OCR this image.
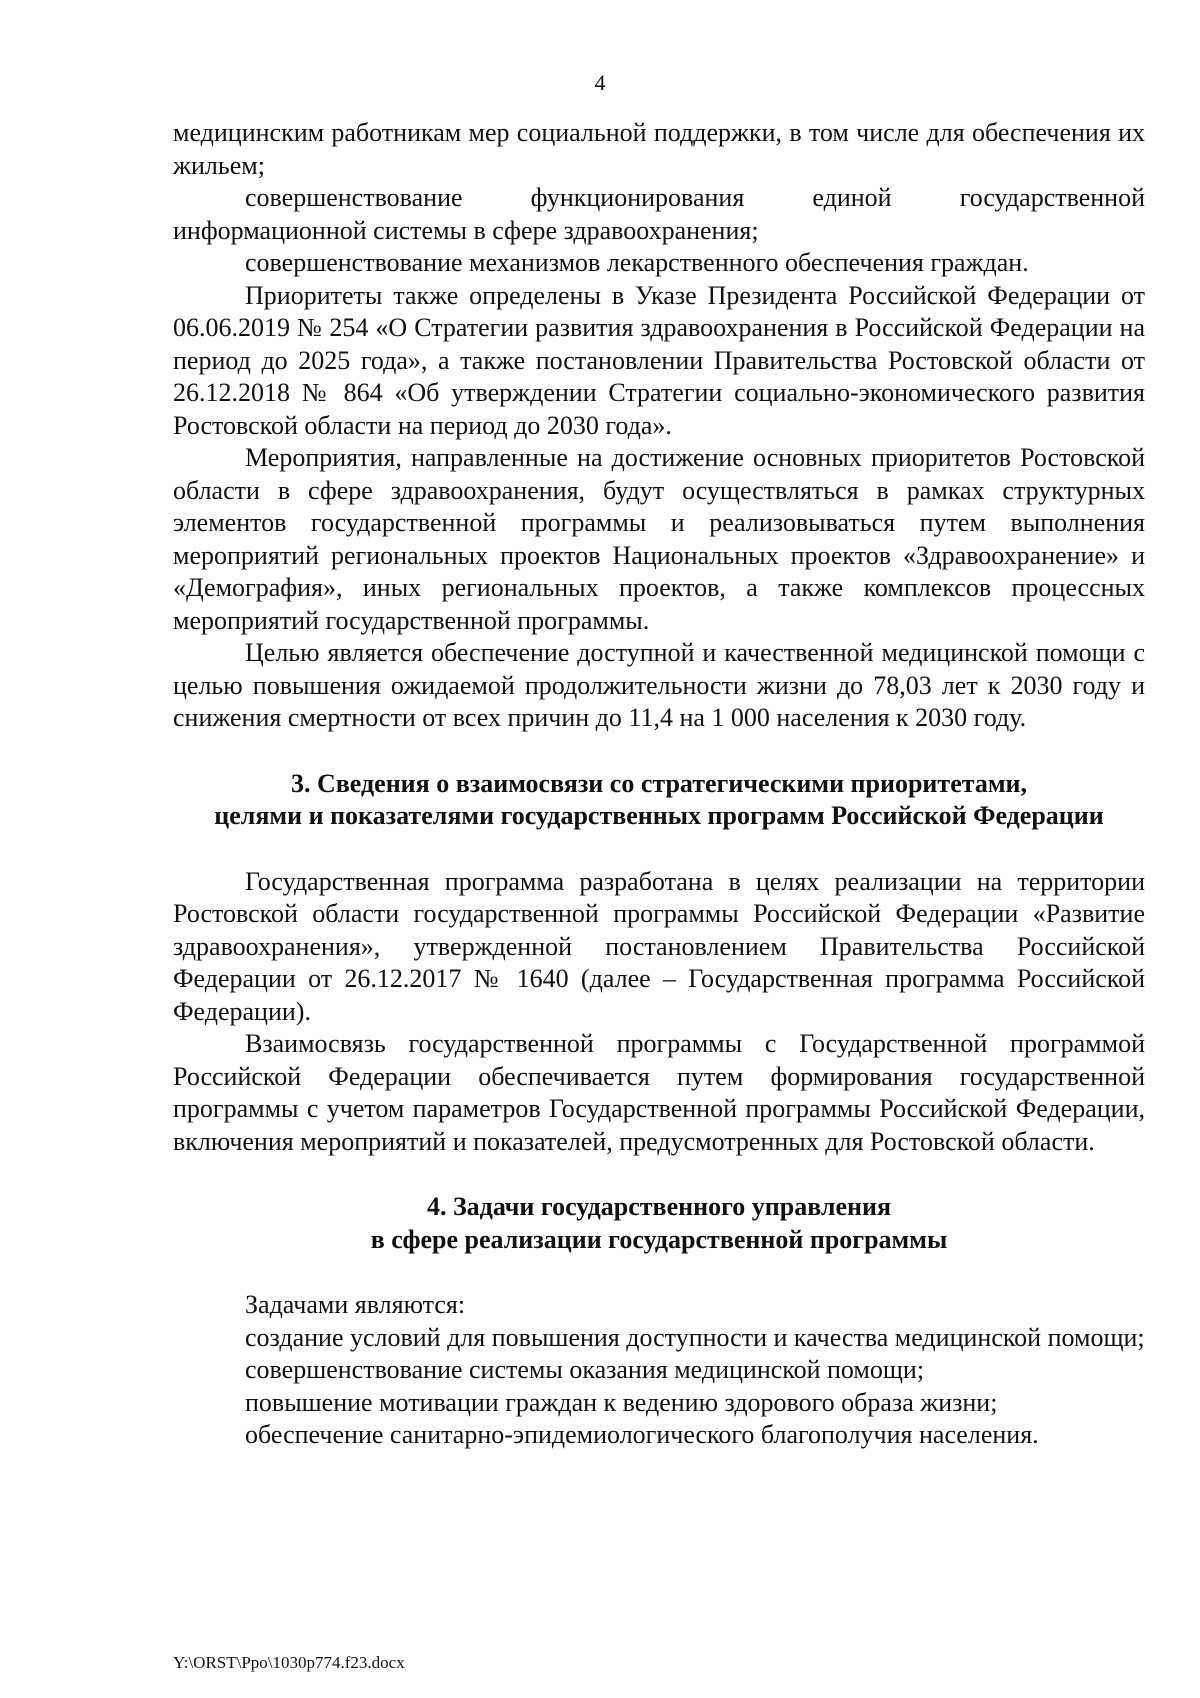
4

медицинским работникам мер социальной поддержки, в том числе для обеспечения их жильем;

совершенствование функционирования единой государственной информационной системы в сфере здравоохранения;

совершенствование механизмов лекарственного обеспечения граждан.

Приоритеты также определены в Указе Президента Российской Федерации от 06.06.2019 № 254 «О Стратегии развития здравоохранения в Российской Федерации на период до 2025 года», а также постановлении Правительства Ростовской области от 26.12.2018 № 864 «Об утверждении Стратегии социально-экономического развития Ростовской области на период до 2030 года».

Мероприятия, направленные на достижение основных приоритетов Ростовской области в сфере здравоохранения, будут осуществляться в рамках структурных элементов государственной программы и реализовываться путем выполнения мероприятий региональных проектов Национальных проектов «Здравоохранение» и «Демография», иных региональных проектов, а также комплексов процессных мероприятий государственной программы.

Целью является обеспечение доступной и качественной медицинской помощи с целью повышения ожидаемой продолжительности жизни до 78,03 лет к 2030 году и снижения смертности от всех причин до 11,4 на 1 000 населения к 2030 году.

3. Сведения о взаимосвязи со стратегическими приоритетами,
целями и показателями государственных программ Российской Федерации

Государственная программа разработана в целях реализации на территории Ростовской области государственной программы Российской Федерации «Развитие здравоохранения», утвержденной постановлением Правительства Российской Федерации от 26.12.2017 № 1640 (далее – Государственная программа Российской Федерации).

Взаимосвязь государственной программы с Государственной программой Российской Федерации обеспечивается путем формирования государственной программы с учетом параметров Государственной программы Российской Федерации, включения мероприятий и показателей, предусмотренных для Ростовской области.

4. Задачи государственного управления
в сфере реализации государственной программы

Задачами являются:

создание условий для повышения доступности и качества медицинской помощи;

совершенствование системы оказания медицинской помощи;

повышение мотивации граждан к ведению здорового образа жизни;

обеспечение санитарно-эпидемиологического благополучия населения.

Y:\ORST\Ppo\1030p774.f23.docx
